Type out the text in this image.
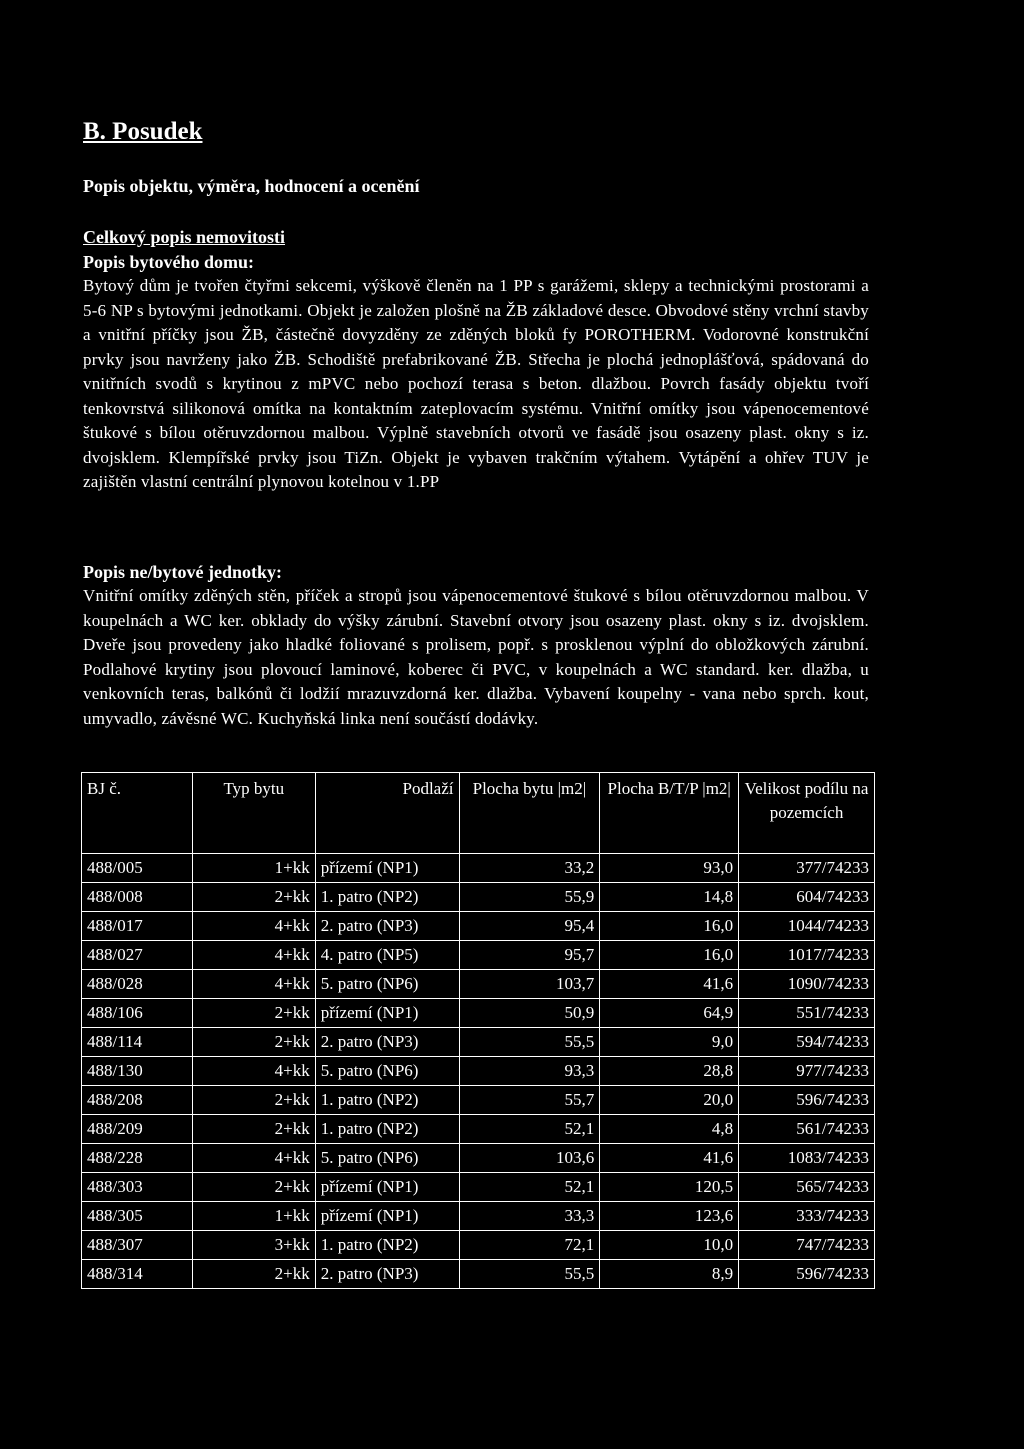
B. Posudek
Popis objektu, výměra, hodnocení a ocenění
Celkový popis nemovitosti
Popis bytového domu:

Bytový dům je tvořen čtyřmi sekcemi, výškově členěn na 1 PP s garážemi, sklepy a technickými prostorami a 5-6 NP s bytovými jednotkami. Objekt je založen plošně na ŽB základové desce. Obvodové stěny vrchní stavby a vnitřní příčky jsou ŽB, částečně dovyzděny ze zděných bloků fy POROTHERM. Vodorovné konstrukční prvky jsou navrženy jako ŽB. Schodiště prefabrikované ŽB. Střecha je plochá jednoplášťová, spádovaná do vnitřních svodů s krytinou z mPVC nebo pochozí terasa s beton. dlažbou. Povrch fasády objektu tvoří tenkovrstvá silikonová omítka na kontaktním zateplovacím systému. Vnitřní omítky jsou vápenocementové štukové s bílou otěruvzdornou malbou. Výplně stavebních otvorů ve fasádě jsou osazeny plast. okny s iz. dvojsklem. Klempířské prvky jsou TiZn. Objekt je vybaven trakčním výtahem. Vytápění a ohřev TUV je zajištěn vlastní centrální plynovou kotelnou v 1.PP

Popis ne/bytové jednotky:

Vnitřní omítky zděných stěn, příček a stropů jsou vápenocementové štukové s bílou otěruvzdornou malbou. V koupelnách a WC ker. obklady do výšky zárubní. Stavební otvory jsou osazeny plast. okny s iz. dvojsklem. Dveře jsou provedeny jako hladké foliované s prolisem, popř. s prosklenou výplní do obložkových zárubní. Podlahové krytiny jsou plovoucí laminové, koberec či PVC, v koupelnách a WC standard. ker. dlažba, u venkovních teras, balkónů či lodžií mrazuvzdorná ker. dlažba. Vybavení koupelny - vana nebo sprch. kout, umyvadlo, závěsné WC. Kuchyňská linka není součástí dodávky.

BJ č.	Typ bytu	Podlaží	Plocha bytu |m2|	Plocha B/T/P |m2|	Velikost podílu na pozemcích
488/005	1+kk	přízemí (NP1)	33,2	93,0	377/74233
488/008	2+kk	1. patro (NP2)	55,9	14,8	604/74233
488/017	4+kk	2. patro (NP3)	95,4	16,0	1044/74233
488/027	4+kk	4. patro (NP5)	95,7	16,0	1017/74233
488/028	4+kk	5. patro (NP6)	103,7	41,6	1090/74233
488/106	2+kk	přízemí (NP1)	50,9	64,9	551/74233
488/114	2+kk	2. patro (NP3)	55,5	9,0	594/74233
488/130	4+kk	5. patro (NP6)	93,3	28,8	977/74233
488/208	2+kk	1. patro (NP2)	55,7	20,0	596/74233
488/209	2+kk	1. patro (NP2)	52,1	4,8	561/74233
488/228	4+kk	5. patro (NP6)	103,6	41,6	1083/74233
488/303	2+kk	přízemí (NP1)	52,1	120,5	565/74233
488/305	1+kk	přízemí (NP1)	33,3	123,6	333/74233
488/307	3+kk	1. patro (NP2)	72,1	10,0	747/74233
488/314	2+kk	2. patro (NP3)	55,5	8,9	596/74233
